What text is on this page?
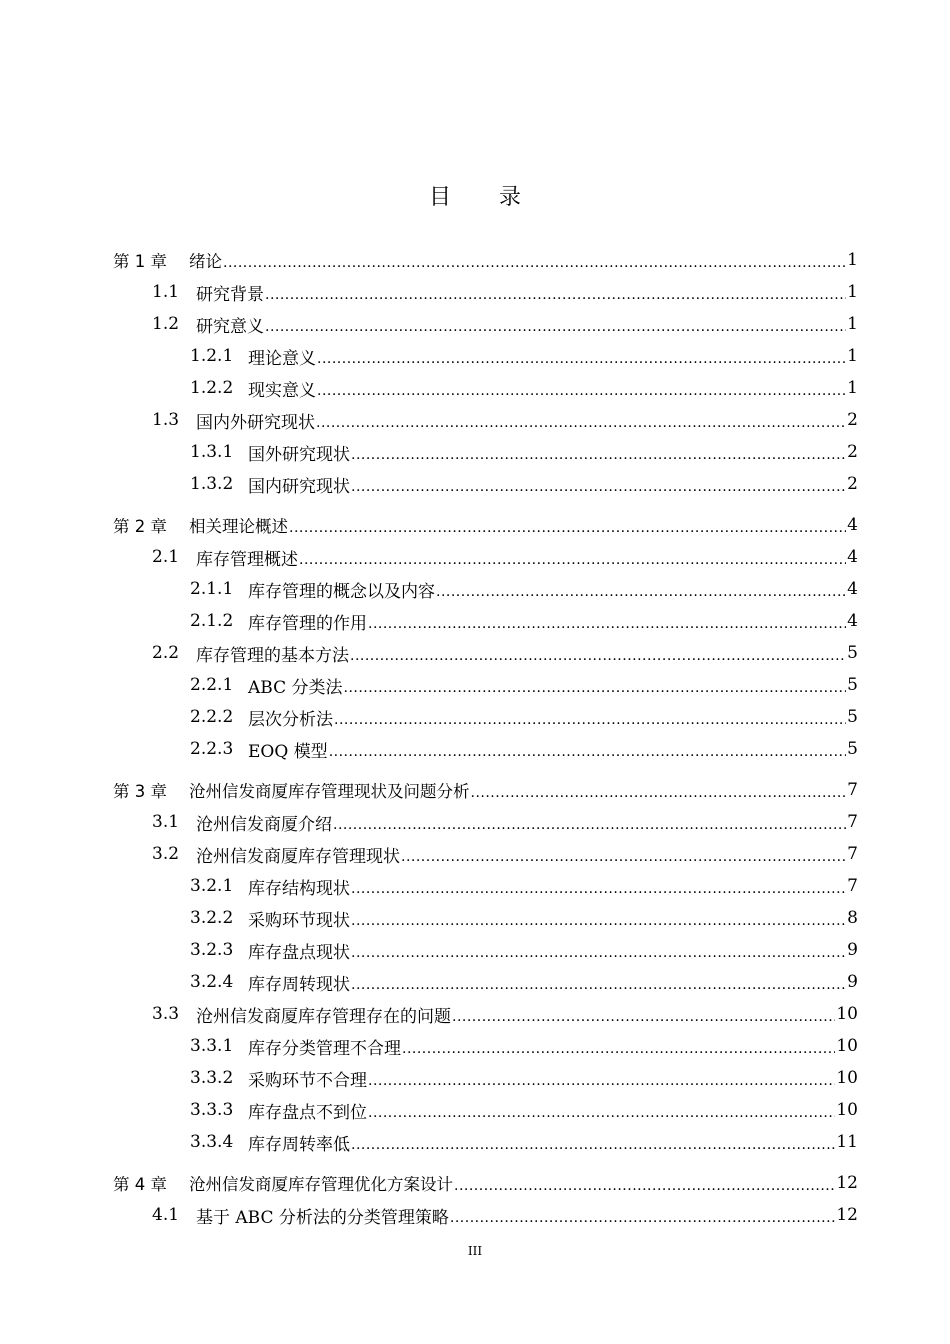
目 录
第 1 章	绪论 .....	1
1.1 研究背景 .....	1
1.2 研究意义 .....	1
1.2.1 理论意义 .....	1
1.2.2 现实意义 .....	1
1.3 国内外研究现状 .....	2
1.3.1 国外研究现状 .....	2
1.3.2 国内研究现状 .....	2
第 2 章	相关理论概述 .....	4
2.1 库存管理概述 .....	4
2.1.1 库存管理的概念以及内容 .....	4
2.1.2 库存管理的作用 .....	4
2.2 库存管理的基本方法 .....	5
2.2.1 ABC 分类法 .....	5
2.2.2 层次分析法 .....	5
2.2.3 EOQ 模型 .....	5
第 3 章	沧州信发商厦库存管理现状及问题分析 .....	7
3.1 沧州信发商厦介绍 .....	7
3.2 沧州信发商厦库存管理现状 .....	7
3.2.1 库存结构现状 .....	7
3.2.2 采购环节现状 .....	8
3.2.3 库存盘点现状 .....	9
3.2.4 库存周转现状 .....	9
3.3 沧州信发商厦库存管理存在的问题 .....	10
3.3.1 库存分类管理不合理 .....	10
3.3.2 采购环节不合理 .....	10
3.3.3 库存盘点不到位 .....	10
3.3.4 库存周转率低 .....	11
第 4 章	沧州信发商厦库存管理优化方案设计 .....	12
4.1 基于 ABC 分析法的分类管理策略 .....	12
III
